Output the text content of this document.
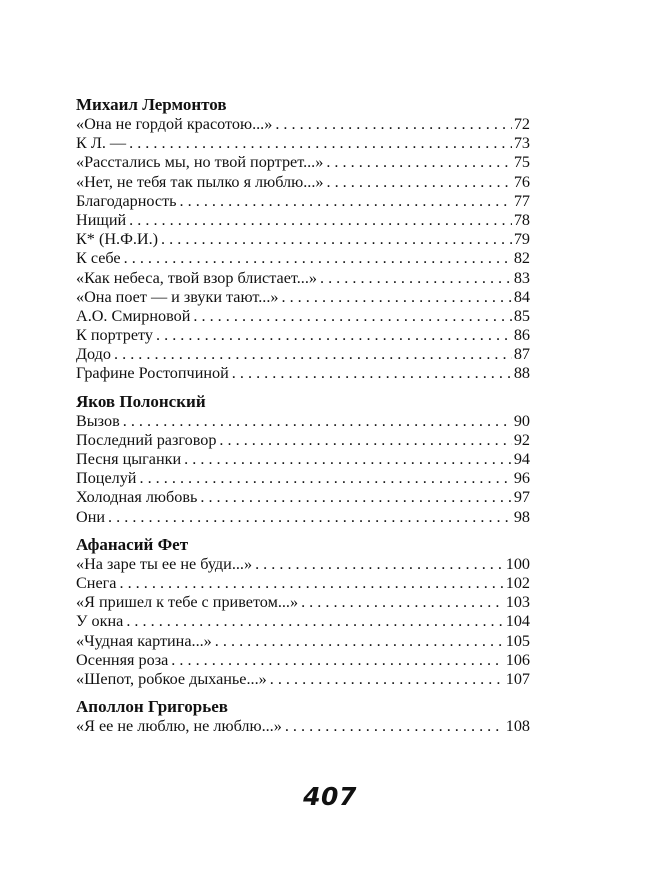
Михаил Лермонтов
«Она не гордой красотою...» . . .	72
К Л. — . . .	73
«Расстались мы, но твой портрет...» . . .	75
«Нет, не тебя так пылко я люблю...» . . .	76
Благодарность . . .	77
Нищий . . .	78
К* (Н.Ф.И.) . . .	79
К себе . . .	82
«Как небеса, твой взор блистает...» . . .	83
«Она поет — и звуки тают...» . . .	84
А.О. Смирновой . . .	85
К портрету . . .	86
Додо . . .	87
Графине Ростопчиной . . .	88
Яков Полонский
Вызов . . .	90
Последний разговор . . .	92
Песня цыганки . . .	94
Поцелуй . . .	96
Холодная любовь . . .	97
Они . . .	98
Афанасий Фет
«На заре ты ее не буди...» . . .	100
Снега . . .	102
«Я пришел к тебе с приветом...» . . .	103
У окна . . .	104
«Чудная картина...» . . .	105
Осенняя роза . . .	106
«Шепот, робкое дыханье...» . . .	107
Аполлон Григорьев
«Я ее не люблю, не люблю...» . . .	108
407
